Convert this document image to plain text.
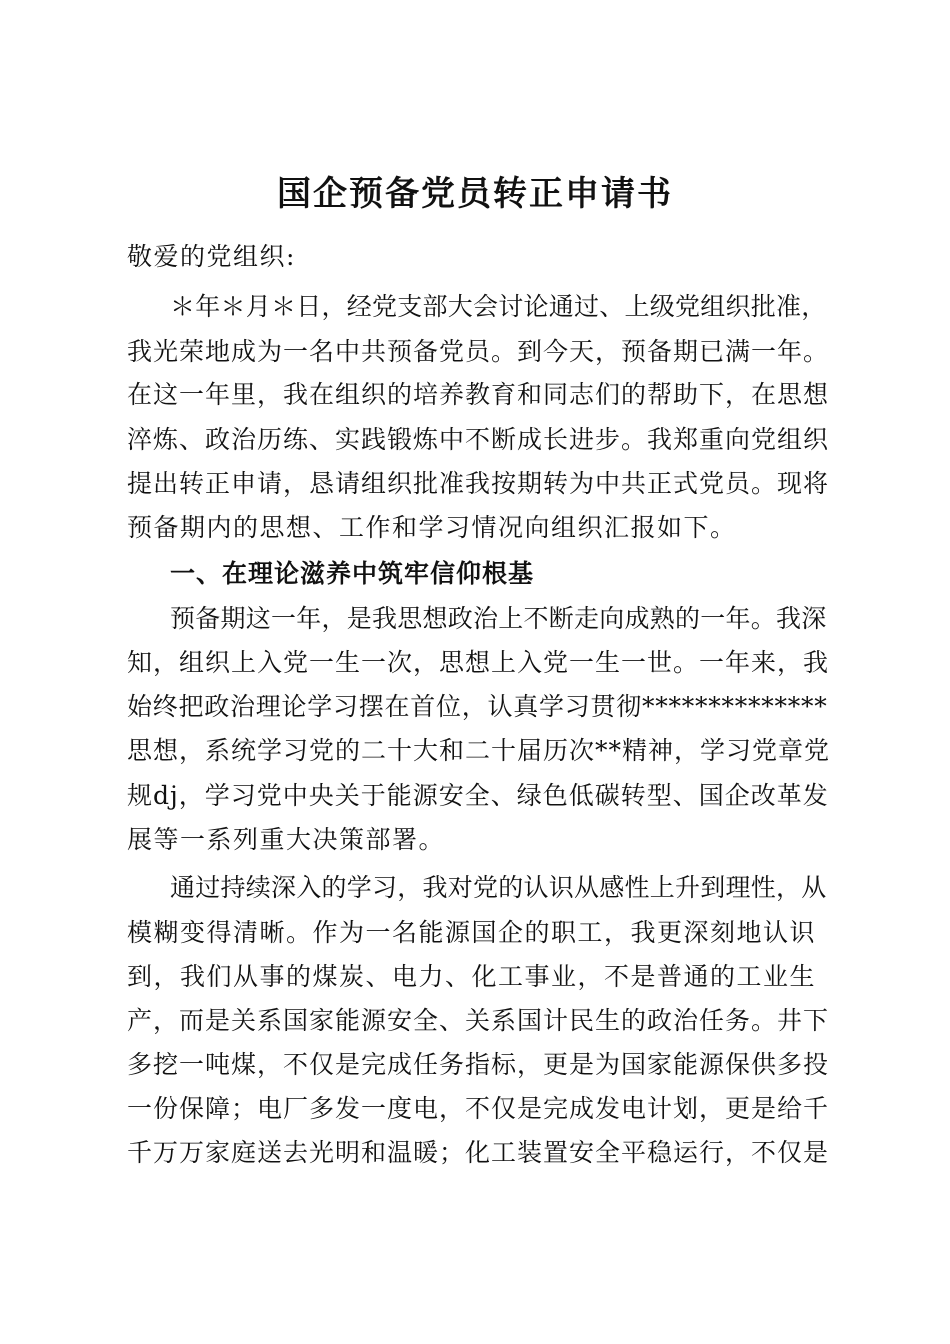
国企预备党员转正申请书
敬爱的党组织:
＊年＊月＊日，经党支部大会讨论通过、上级党组织批准，
我光荣地成为一名中共预备党员。到今天，预备期已满一年。
在这一年里，我在组织的培养教育和同志们的帮助下，在思想
淬炼、政治历练、实践锻炼中不断成长进步。我郑重向党组织
提出转正申请，恳请组织批准我按期转为中共正式党员。现将
预备期内的思想、工作和学习情况向组织汇报如下。
一、在理论滋养中筑牢信仰根基
预备期这一年，是我思想政治上不断走向成熟的一年。我深
知，组织上入党一生一次，思想上入党一生一世。一年来，我
始终把政治理论学习摆在首位，认真学习贯彻**************
思想，系统学习党的二十大和二十届历次**精神，学习党章党
规dj，学习党中央关于能源安全、绿色低碳转型、国企改革发
展等一系列重大决策部署。
通过持续深入的学习，我对党的认识从感性上升到理性，从
模糊变得清晰。作为一名能源国企的职工，我更深刻地认识
到，我们从事的煤炭、电力、化工事业，不是普通的工业生
产，而是关系国家能源安全、关系国计民生的政治任务。井下
多挖一吨煤，不仅是完成任务指标，更是为国家能源保供多投
一份保障；电厂多发一度电，不仅是完成发电计划，更是给千
千万万家庭送去光明和温暖；化工装置安全平稳运行，不仅是
